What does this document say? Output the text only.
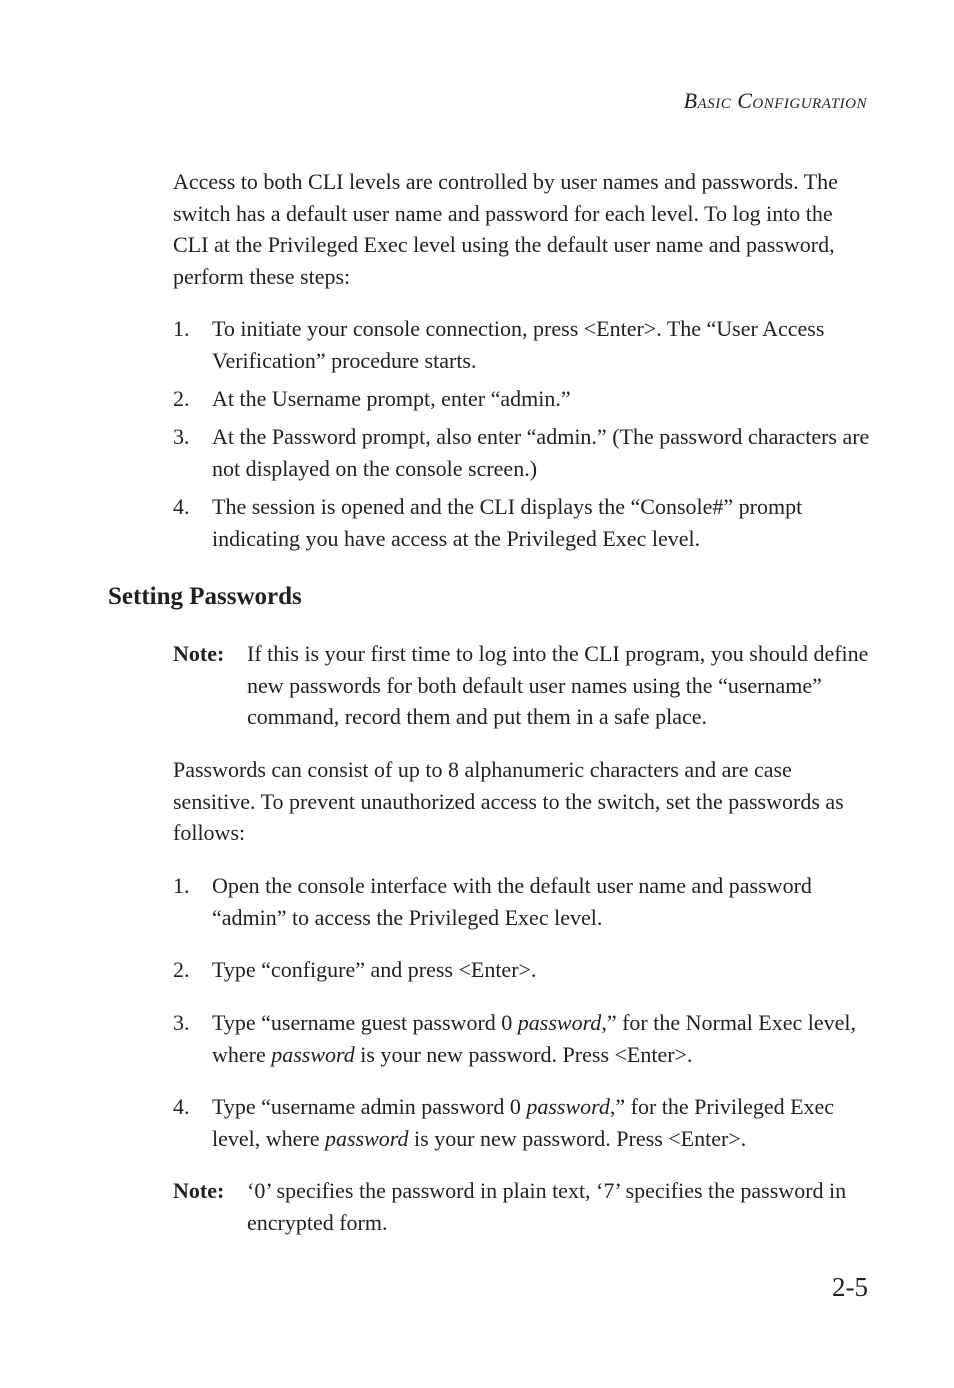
Basic Configuration

Access to both CLI levels are controlled by user names and passwords. The switch has a default user name and password for each level. To log into the CLI at the Privileged Exec level using the default user name and password, perform these steps:

1. To initiate your console connection, press <Enter>. The “User Access Verification” procedure starts.
2. At the Username prompt, enter “admin.”
3. At the Password prompt, also enter “admin.” (The password characters are not displayed on the console screen.)
4. The session is opened and the CLI displays the “Console#” prompt indicating you have access at the Privileged Exec level.
Setting Passwords
Note: If this is your first time to log into the CLI program, you should define new passwords for both default user names using the “username” command, record them and put them in a safe place.

Passwords can consist of up to 8 alphanumeric characters and are case sensitive. To prevent unauthorized access to the switch, set the passwords as follows:

1. Open the console interface with the default user name and password “admin” to access the Privileged Exec level.
2. Type “configure” and press <Enter>.
3. Type “username guest password 0 password,” for the Normal Exec level, where password is your new password. Press <Enter>.
4. Type “username admin password 0 password,” for the Privileged Exec level, where password is your new password. Press <Enter>.
Note: ‘0’ specifies the password in plain text, ‘7’ specifies the password in encrypted form.
2-5
